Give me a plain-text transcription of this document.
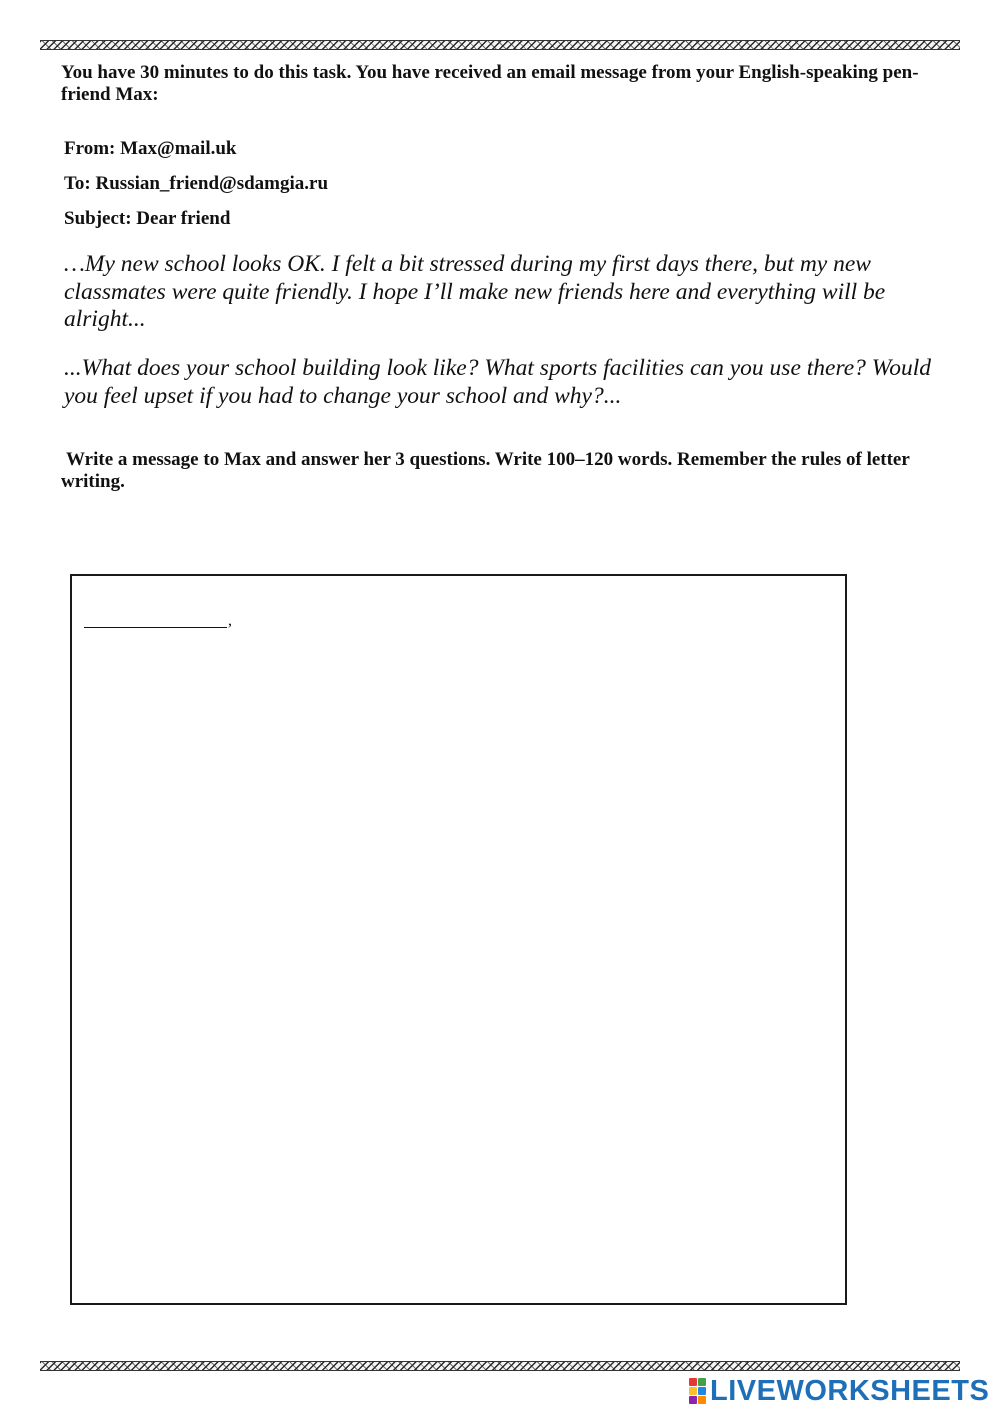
You have 30 minutes to do this task. You have received an email message from your English-speaking pen-friend Max:
From: Max@mail.uk
To: Russian_friend@sdamgia.ru
Subject: Dear friend
…My new school looks OK. I felt a bit stressed during my first days there, but my new classmates were quite friendly. I hope I’ll make new friends here and everything will be alright...
...What does your school building look like? What sports facilities can you use there? Would you feel upset if you had to change your school and why?...
Write a message to Max and answer her 3 questions. Write 100–120 words. Remember the rules of letter writing.
,
LIVEWORKSHEETS
